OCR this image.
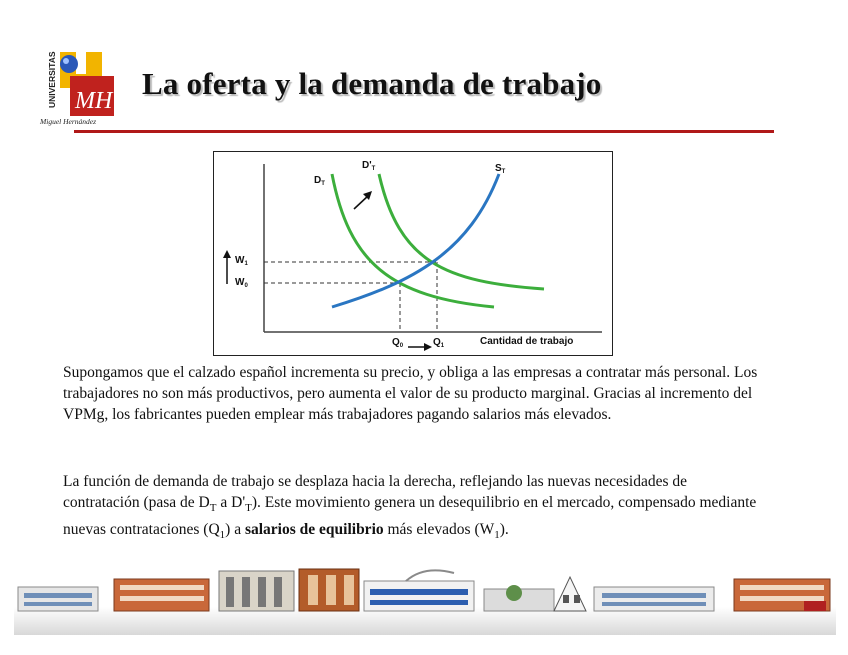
UNIVERSITAS MH
Miguel Hernández
La oferta y la demanda de trabajo
$D_T$
$D'_T$	$S_T$
$W_1$
$W_0$
$Q_0$	$Q_1$	Cantidad de trabajo
Supongamos que el calzado español incrementa su precio, y obliga a las empresas a contratar más personal. Los trabajadores no son más productivos, pero aumenta el valor de su producto marginal. Gracias al incremento del VPMg, los fabricantes pueden emplear más trabajadores pagando salarios más elevados.
La función de demanda de trabajo se desplaza hacia la derecha, reflejando las nuevas necesidades de contratación (pasa de $D_T$ a $D'_T$). Este movimiento genera un desequilibrio en el mercado, compensado mediante nuevas contrataciones $(Q_1)$ a salarios de equilibrio más elevados $(W_1)$.
